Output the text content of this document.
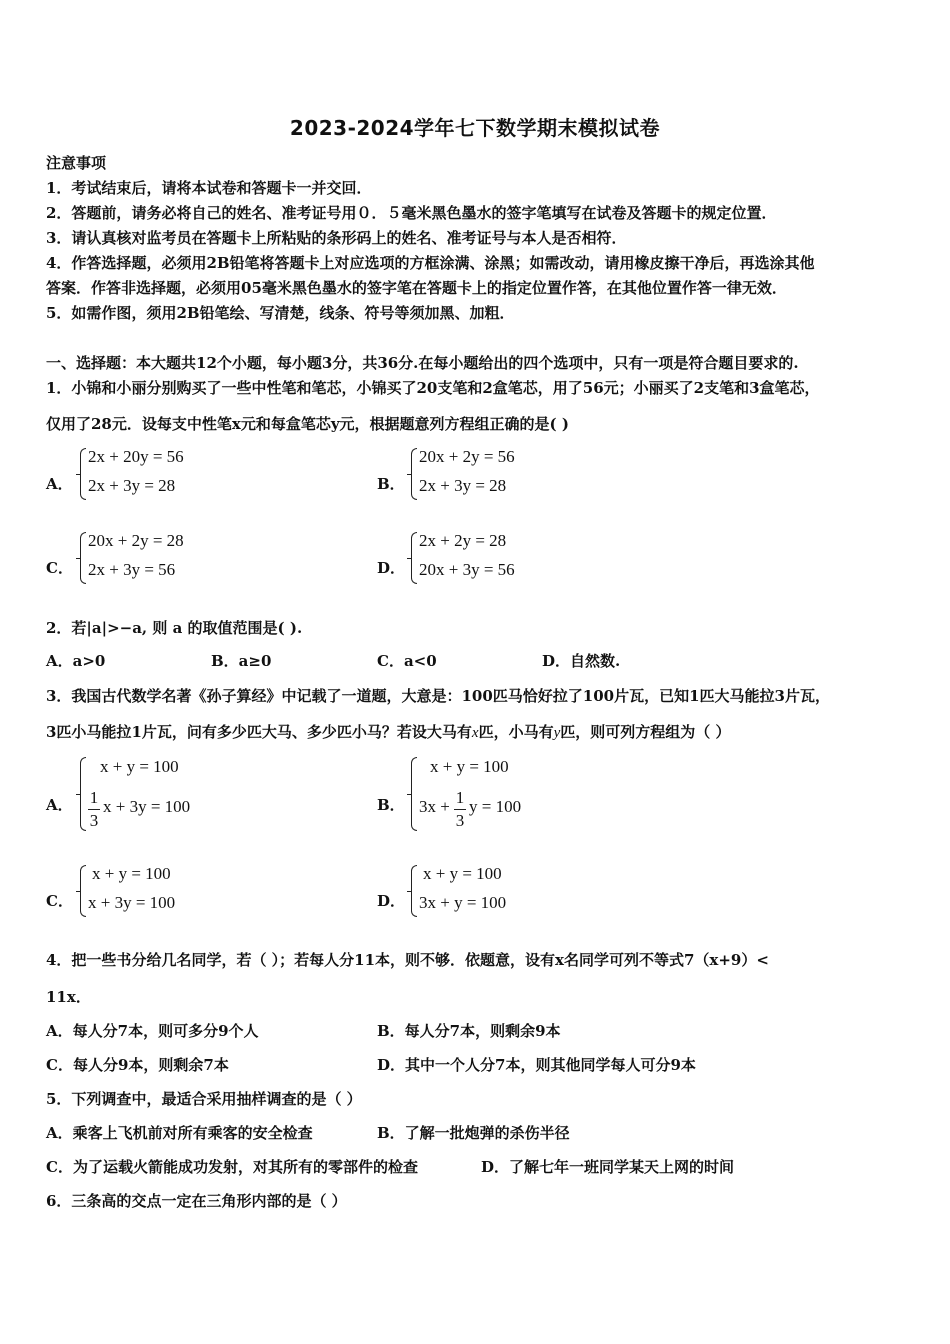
2023-2024学年七下数学期末模拟试卷
注意事项
1．考试结束后，请将本试卷和答题卡一并交回．
2．答题前，请务必将自己的姓名、准考证号用０．５毫米黑色墨水的签字笔填写在试卷及答题卡的规定位置．
3．请认真核对监考员在答题卡上所粘贴的条形码上的姓名、准考证号与本人是否相符．
4．作答选择题，必须用2B铅笔将答题卡上对应选项的方框涂满、涂黑；如需改动，请用橡皮擦干净后，再选涂其他
答案．作答非选择题，必须用05毫米黑色墨水的签字笔在答题卡上的指定位置作答，在其他位置作答一律无效．
5．如需作图，须用2B铅笔绘、写清楚，线条、符号等须加黑、加粗．
一、选择题：本大题共12个小题，每小题3分，共36分.在每小题给出的四个选项中，只有一项是符合题目要求的.
1．小锦和小丽分别购买了一些中性笔和笔芯，小锦买了20支笔和2盒笔芯，用了56元；小丽买了2支笔和3盒笔芯，
仅用了28元．设每支中性笔x元和每盒笔芯y元，根据题意列方程组正确的是( )
A．
2x + 20y = 56
2x + 3y = 28	B．
20x + 2y = 56
2x + 3y = 28
C．
20x + 2y = 28
2x + 3y = 56	D．
2x + 2y = 28
20x + 3y = 56
2．若|a|>−a, 则 a 的取值范围是( ).
A．a>0	B．a≥0	C．a<0	D．自然数.
3．我国古代数学名著《孙子算经》中记载了一道题，大意是：100匹马恰好拉了100片瓦，已知1匹大马能拉3片瓦，
3匹小马能拉1片瓦，问有多少匹大马、多少匹小马？若设大马有x匹，小马有y匹，则可列方程组为（ ）
A．
x + y = 100
1
3
x + 3y = 100	B．
x + y = 100
3x + 1
3
y = 100
C．
x + y = 100
x + 3y = 100	D．
x + y = 100
3x + y = 100
4．把一些书分给几名同学，若（ ）；若每人分11本，则不够．依题意，设有x名同学可列不等式7（x+9）<
11x．
A．每人分7本，则可多分9个人	B．每人分7本，则剩余9本
C．每人分9本，则剩余7本	D．其中一个人分7本，则其他同学每人可分9本
5．下列调查中，最适合采用抽样调查的是（ ）
A．乘客上飞机前对所有乘客的安全检查	B．了解一批炮弹的杀伤半径
C．为了运载火箭能成功发射，对其所有的零部件的检查	D．了解七年一班同学某天上网的时间
6．三条高的交点一定在三角形内部的是（ ）
